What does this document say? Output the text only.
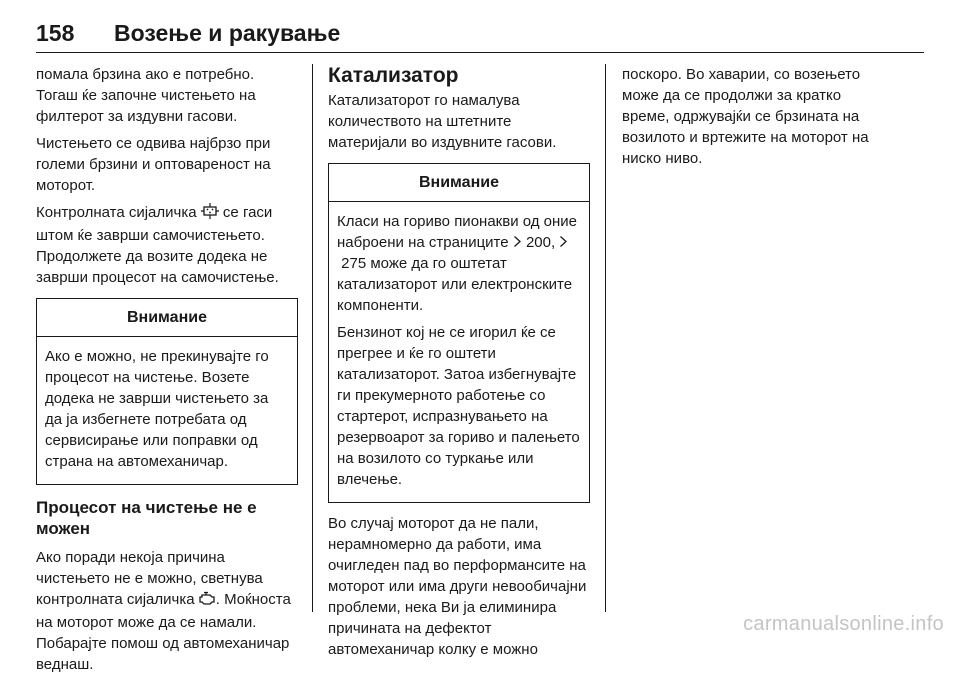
158 Возење и ракување

помала брзина ако е потребно. Тогаш ќе започне чистењето на филтерот за издувни гасови.

Чистењето се одвива најбрзо при големи брзини и оптовареност на моторот.

Контролната сијаличка  се гаси штом ќе заврши самочистењето. Продолжете да возите додека не заврши процесот на самочистење.

Внимание

Ако е можно, не прекинувајте го процесот на чистење. Возете додека не заврши чистењето за да ја избегнете потребата од сервисирање или поправки од страна на автомеханичар.

Процесот на чистење не е можен

Ако поради некоја причина чистењето не е можно, светнува контролната сијаличка . Моќноста на моторот може да се намали. Побарајте помош од автомеханичар веднаш.

Катализатор

Катализаторот го намалува количеството на штетните материјали во издувните гасови.

Внимание

Класи на гориво пионакви од оние наброени на страниците  200,  275 може да го оштетат катализаторот или електронските компоненти.

Бензинот кој не се игорил ќе се прегрее и ќе го оштети катализаторот. Затоа избегнувајте ги прекумерното работење со стартерот, испразнувањето на резервоарот за гориво и палењето на возилото со туркање или влечење.

Во случај моторот да не пали, нерамномерно да работи, има очигледен пад во перформансите на моторот или има други невообичајни проблеми, нека Ви ја елиминира причината на дефектот автомеханичар колку е можно

поскоро. Во хаварии, со возењето може да се продолжи за кратко време, одржувајќи се брзината на возилото и вртежите на моторот на ниско ниво.

carmanualsonline.info
